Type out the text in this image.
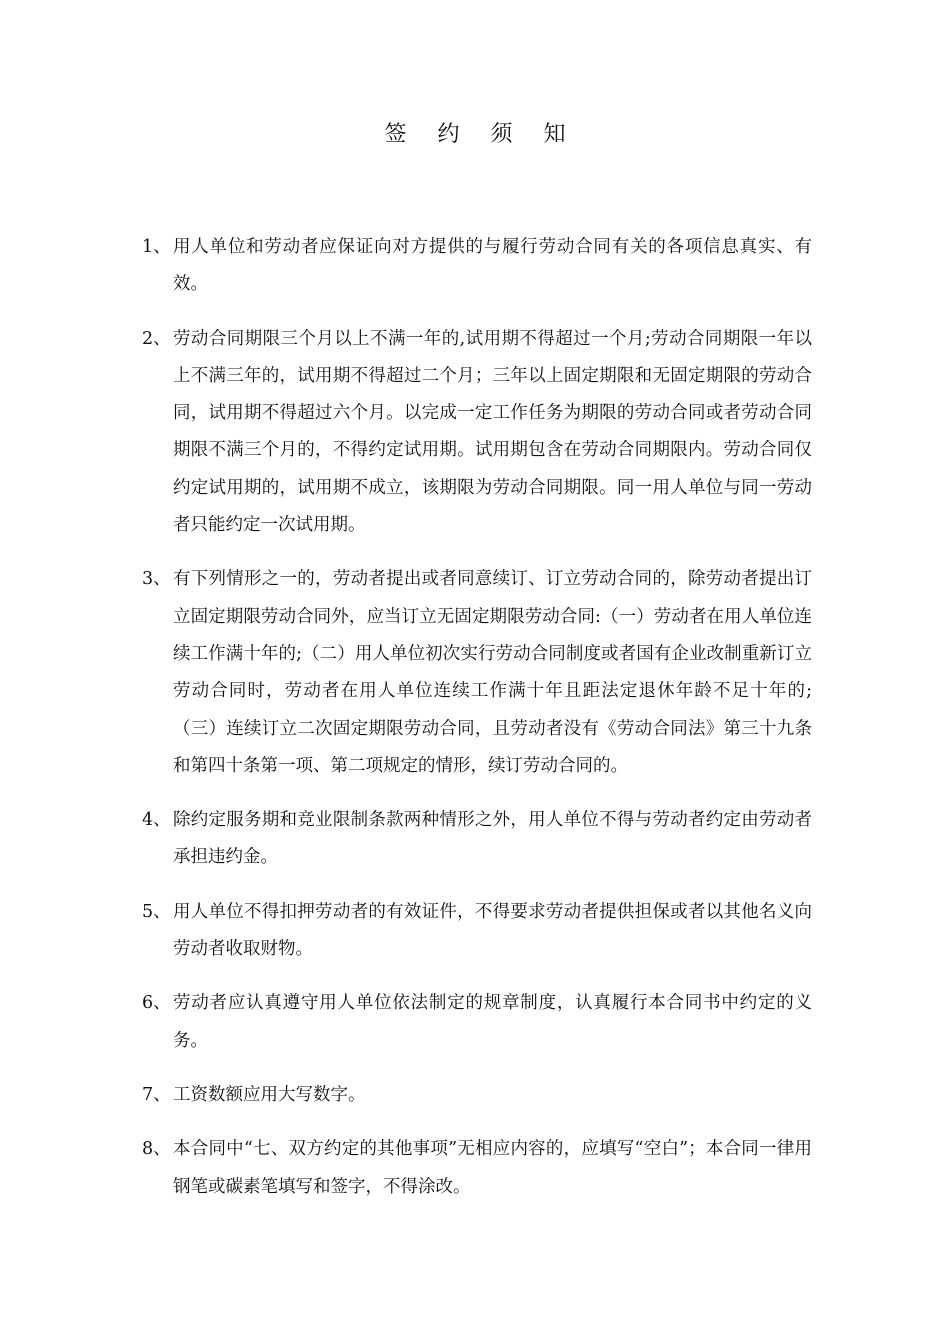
签 约 须 知
1、 用人单位和劳动者应保证向对方提供的与履行劳动合同有关的各项信息真实、有效。
2、 劳动合同期限三个月以上不满一年的,试用期不得超过一个月;劳动合同期限一年以上不满三年的，试用期不得超过二个月；三年以上固定期限和无固定期限的劳动合同，试用期不得超过六个月。以完成一定工作任务为期限的劳动合同或者劳动合同期限不满三个月的，不得约定试用期。试用期包含在劳动合同期限内。劳动合同仅约定试用期的，试用期不成立，该期限为劳动合同期限。同一用人单位与同一劳动者只能约定一次试用期。
3、 有下列情形之一的，劳动者提出或者同意续订、订立劳动合同的，除劳动者提出订立固定期限劳动合同外，应当订立无固定期限劳动合同:（一）劳动者在用人单位连续工作满十年的;（二）用人单位初次实行劳动合同制度或者国有企业改制重新订立劳动合同时，劳动者在用人单位连续工作满十年且距法定退休年龄不足十年的;（三）连续订立二次固定期限劳动合同，且劳动者没有《劳动合同法》第三十九条和第四十条第一项、第二项规定的情形，续订劳动合同的。
4、 除约定服务期和竞业限制条款两种情形之外，用人单位不得与劳动者约定由劳动者承担违约金。
5、 用人单位不得扣押劳动者的有效证件，不得要求劳动者提供担保或者以其他名义向劳动者收取财物。
6、 劳动者应认真遵守用人单位依法制定的规章制度，认真履行本合同书中约定的义务。
7、 工资数额应用大写数字。
8、 本合同中“七、双方约定的其他事项”无相应内容的，应填写“空白”；本合同一律用钢笔或碳素笔填写和签字，不得涂改。
